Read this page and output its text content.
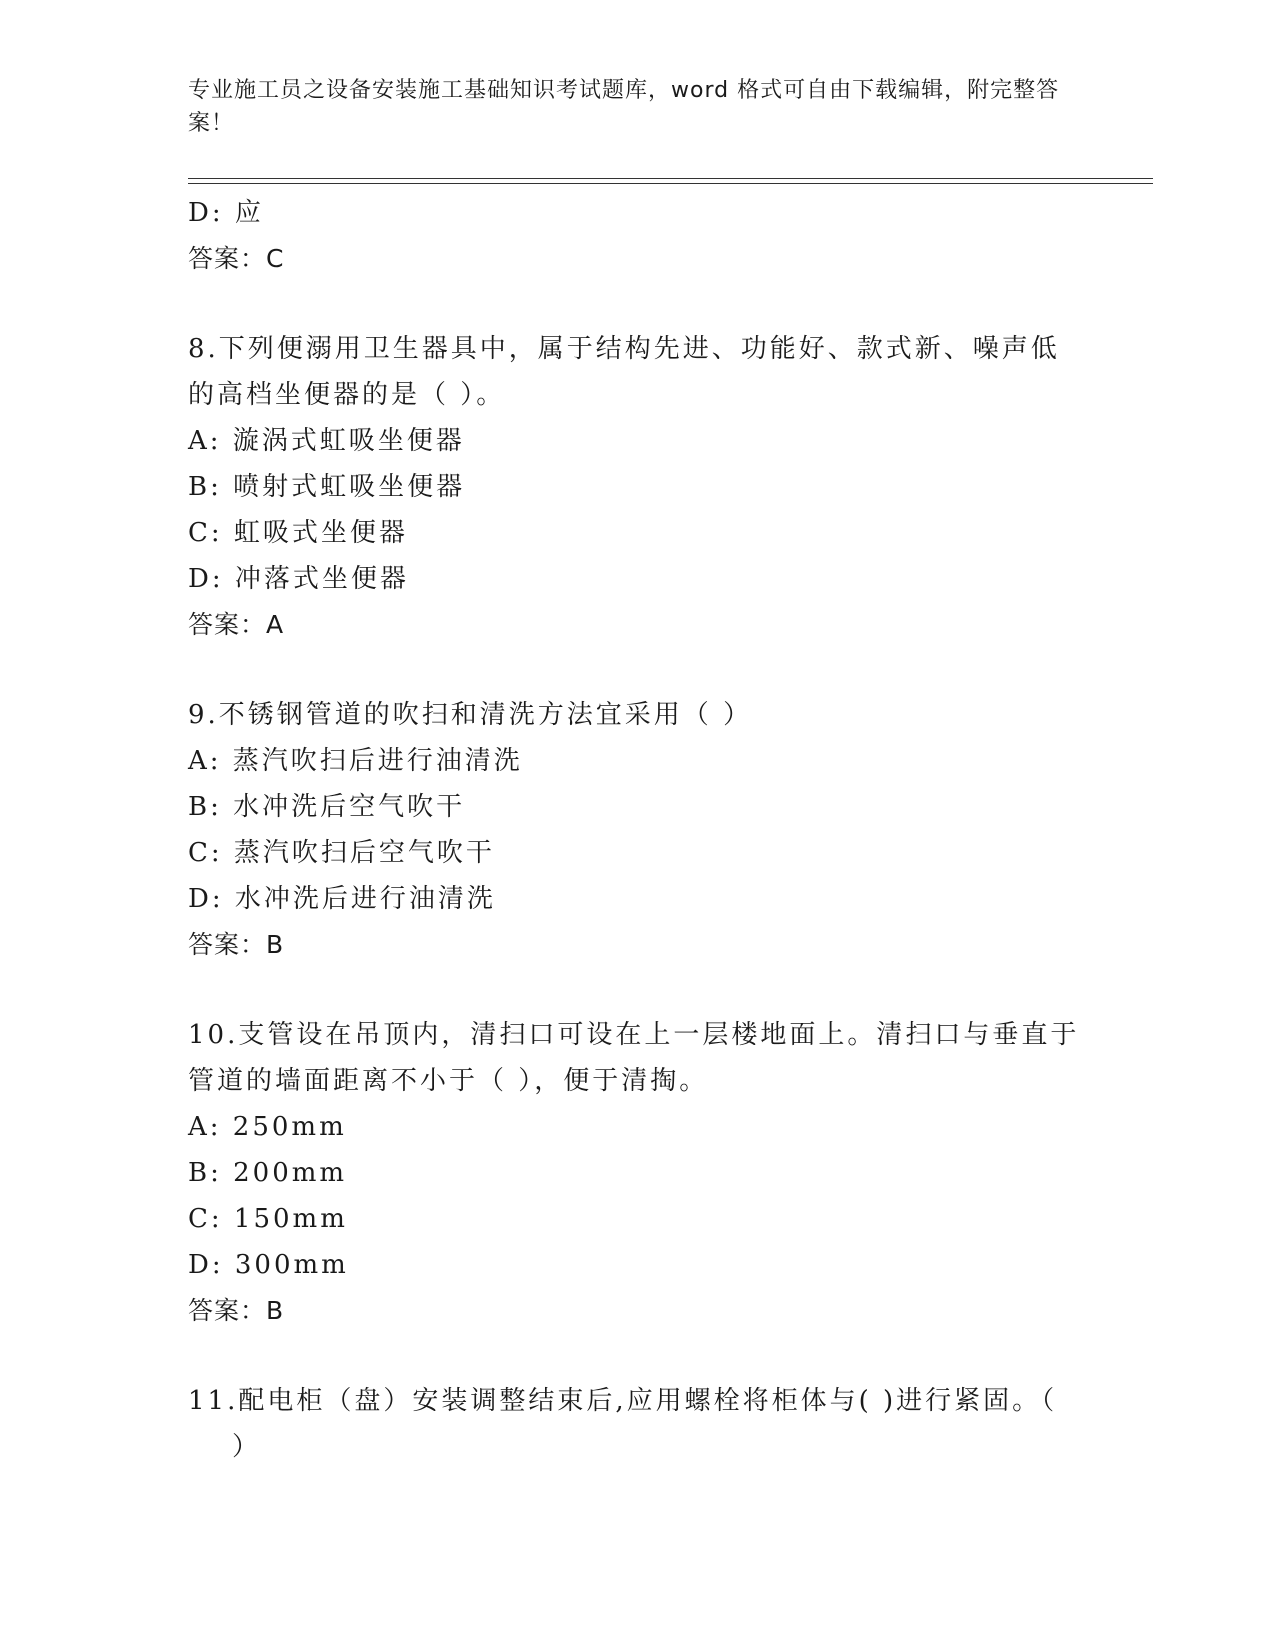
专业施工员之设备安装施工基础知识考试题库，word 格式可自由下载编辑，附完整答案！
D: 应
答案：C
8.下列便溺用卫生器具中，属于结构先进、功能好、款式新、噪声低
的高档坐便器的是（ ）。
A: 漩涡式虹吸坐便器
B: 喷射式虹吸坐便器
C: 虹吸式坐便器
D: 冲落式坐便器
答案：A
9.不锈钢管道的吹扫和清洗方法宜采用（ ）
A: 蒸汽吹扫后进行油清洗
B: 水冲洗后空气吹干
C: 蒸汽吹扫后空气吹干
D: 水冲洗后进行油清洗
答案：B
10.支管设在吊顶内，清扫口可设在上一层楼地面上。清扫口与垂直于
管道的墙面距离不小于（ ），便于清掏。
A: 250mm
B: 200mm
C: 150mm
D: 300mm
答案：B
11.配电柜（盘）安装调整结束后,应用螺栓将柜体与( )进行紧固。（
）
